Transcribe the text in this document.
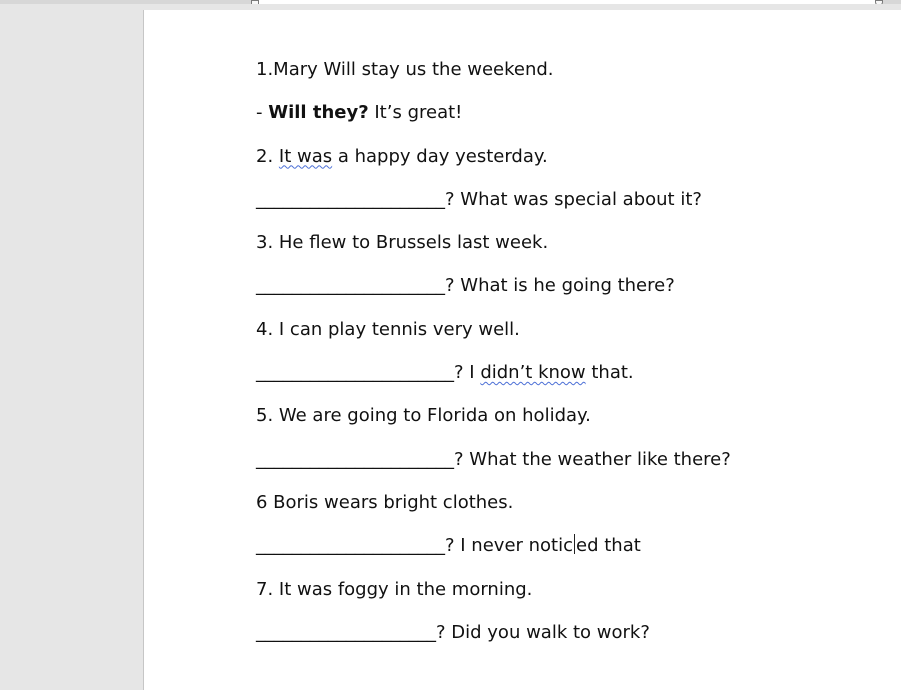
1.Mary Will stay us the weekend.
- Will they? It’s great!
2. It was a happy day yesterday.
_____________________? What was special about it?
3. He flew to Brussels last week.
_____________________? What is he going there?
4. I can play tennis very well.
______________________? I didn’t know that.
5. We are going to Florida on holiday.
______________________? What the weather like there?
6 Boris wears bright clothes.
_____________________? I never notic ed that
7. It was foggy in the morning.
____________________? Did you walk to work?
